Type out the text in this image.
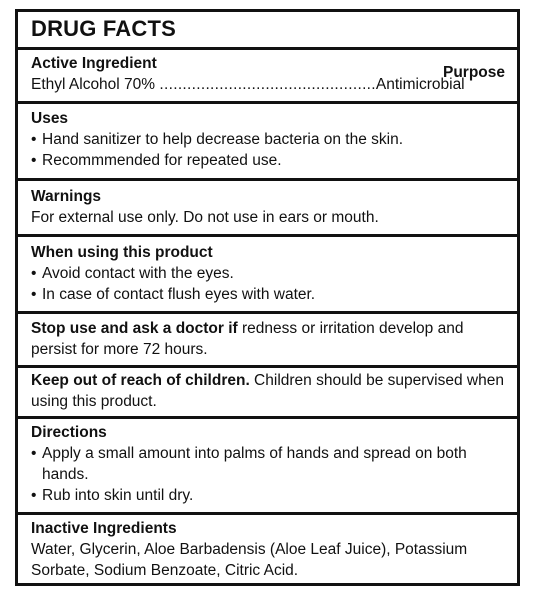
DRUG FACTS
Active Ingredient
Ethyl Alcohol 70% ...............................................Antimicrobial
Purpose
Uses
• Hand sanitizer to help decrease bacteria on the skin.
• Recommmended for repeated use.
Warnings
For external use only. Do not use in ears or mouth.
When using this product
• Avoid contact with the eyes.
• In case of contact flush eyes with water.
Stop use and ask a doctor if redness or irritation develop and persist for more 72 hours.
Keep out of reach of children. Children should be supervised when using this product.
Directions
• Apply a small amount into palms of hands and spread on both hands.
• Rub into skin until dry.
Inactive Ingredients
Water, Glycerin, Aloe Barbadensis (Aloe Leaf Juice), Potassium Sorbate, Sodium Benzoate, Citric Acid.
